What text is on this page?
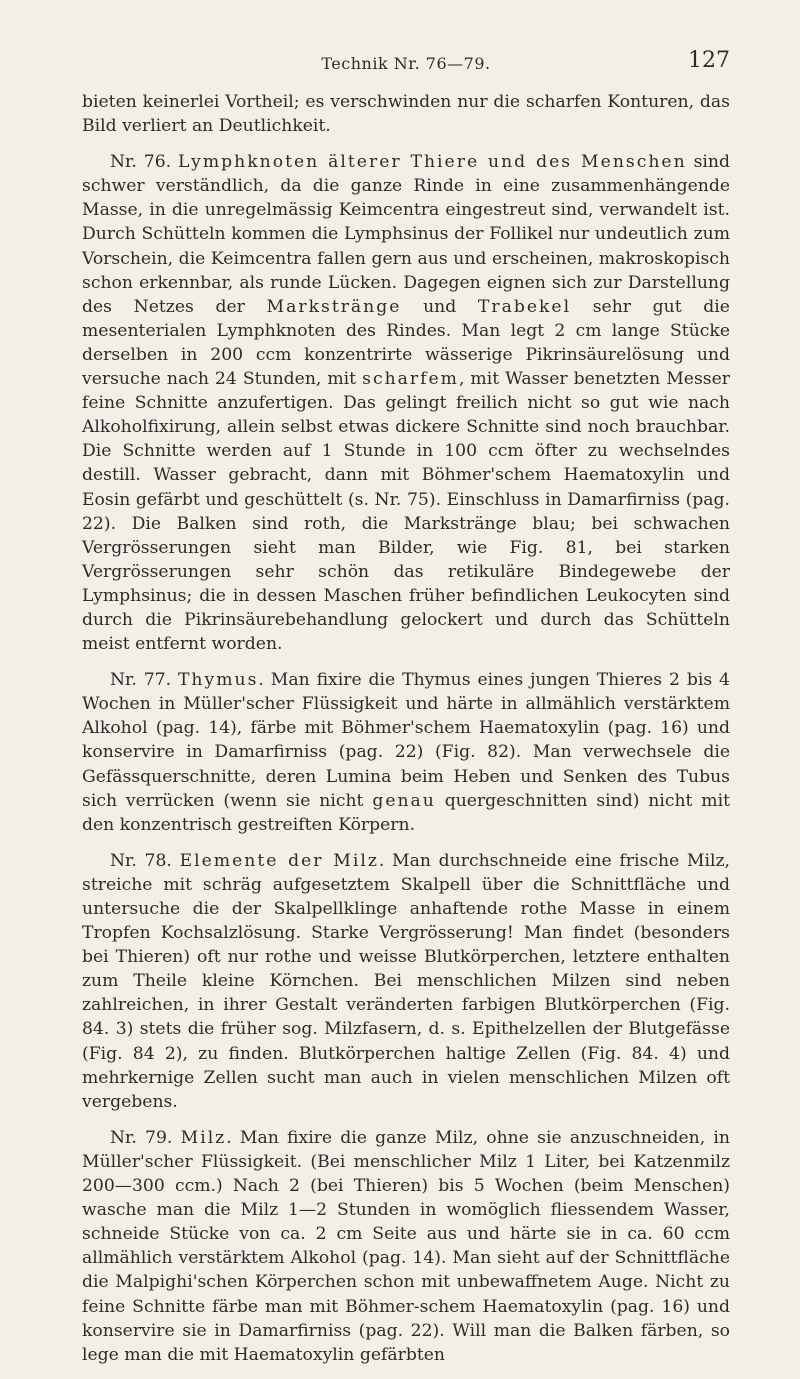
Technik Nr. 76—79.	127

bieten keinerlei Vortheil; es verschwinden nur die scharfen Konturen, das Bild verliert an Deutlichkeit.

Nr. 76. Lymphknoten älterer Thiere und des Menschen sind schwer verständlich, da die ganze Rinde in eine zusammenhängende Masse, in die unregelmässig Keimcentra eingestreut sind, verwandelt ist. Durch Schütteln kommen die Lymphsinus der Follikel nur undeutlich zum Vorschein, die Keimcentra fallen gern aus und erscheinen, makroskopisch schon erkennbar, als runde Lücken. Dagegen eignen sich zur Darstellung des Netzes der Markstränge und Trabekel sehr gut die mesenterialen Lymphknoten des Rindes. Man legt 2 cm lange Stücke derselben in 200 ccm konzentrirte wässerige Pikrinsäurelösung und versuche nach 24 Stunden, mit scharfem, mit Wasser benetzten Messer feine Schnitte anzufertigen. Das gelingt freilich nicht so gut wie nach Alkoholfixirung, allein selbst etwas dickere Schnitte sind noch brauchbar. Die Schnitte werden auf 1 Stunde in 100 ccm öfter zu wechselndes destill. Wasser gebracht, dann mit Böhmer'schem Haematoxylin und Eosin gefärbt und geschüttelt (s. Nr. 75). Einschluss in Damarfirniss (pag. 22). Die Balken sind roth, die Markstränge blau; bei schwachen Vergrösserungen sieht man Bilder, wie Fig. 81, bei starken Vergrösserungen sehr schön das retikuläre Bindegewebe der Lymphsinus; die in dessen Maschen früher befindlichen Leukocyten sind durch die Pikrinsäurebehandlung gelockert und durch das Schütteln meist entfernt worden.

Nr. 77. Thymus. Man fixire die Thymus eines jungen Thieres 2 bis 4 Wochen in Müller'scher Flüssigkeit und härte in allmählich verstärktem Alkohol (pag. 14), färbe mit Böhmer'schem Haematoxylin (pag. 16) und konservire in Damarfirniss (pag. 22) (Fig. 82). Man verwechsele die Gefässquerschnitte, deren Lumina beim Heben und Senken des Tubus sich verrücken (wenn sie nicht genau quergeschnitten sind) nicht mit den konzentrisch gestreiften Körpern.

Nr. 78. Elemente der Milz. Man durchschneide eine frische Milz, streiche mit schräg aufgesetztem Skalpell über die Schnittfläche und untersuche die der Skalpellklinge anhaftende rothe Masse in einem Tropfen Kochsalzlösung. Starke Vergrösserung! Man findet (besonders bei Thieren) oft nur rothe und weisse Blutkörperchen, letztere enthalten zum Theile kleine Körnchen. Bei menschlichen Milzen sind neben zahlreichen, in ihrer Gestalt veränderten farbigen Blutkörperchen (Fig. 84. 3) stets die früher sog. Milzfasern, d. s. Epithelzellen der Blutgefässe (Fig. 84 2), zu finden. Blutkörperchen haltige Zellen (Fig. 84. 4) und mehrkernige Zellen sucht man auch in vielen menschlichen Milzen oft vergebens.

Nr. 79. Milz. Man fixire die ganze Milz, ohne sie anzuschneiden, in Müller'scher Flüssigkeit. (Bei menschlicher Milz 1 Liter, bei Katzenmilz 200—300 ccm.) Nach 2 (bei Thieren) bis 5 Wochen (beim Menschen) wasche man die Milz 1—2 Stunden in womöglich fliessendem Wasser, schneide Stücke von ca. 2 cm Seite aus und härte sie in ca. 60 ccm allmählich verstärktem Alkohol (pag. 14). Man sieht auf der Schnittfläche die Malpighi'schen Körperchen schon mit unbewaffnetem Auge. Nicht zu feine Schnitte färbe man mit Böhmer-schem Haematoxylin (pag. 16) und konservire sie in Damarfirniss (pag. 22). Will man die Balken färben, so lege man die mit Haematoxylin gefärbten
